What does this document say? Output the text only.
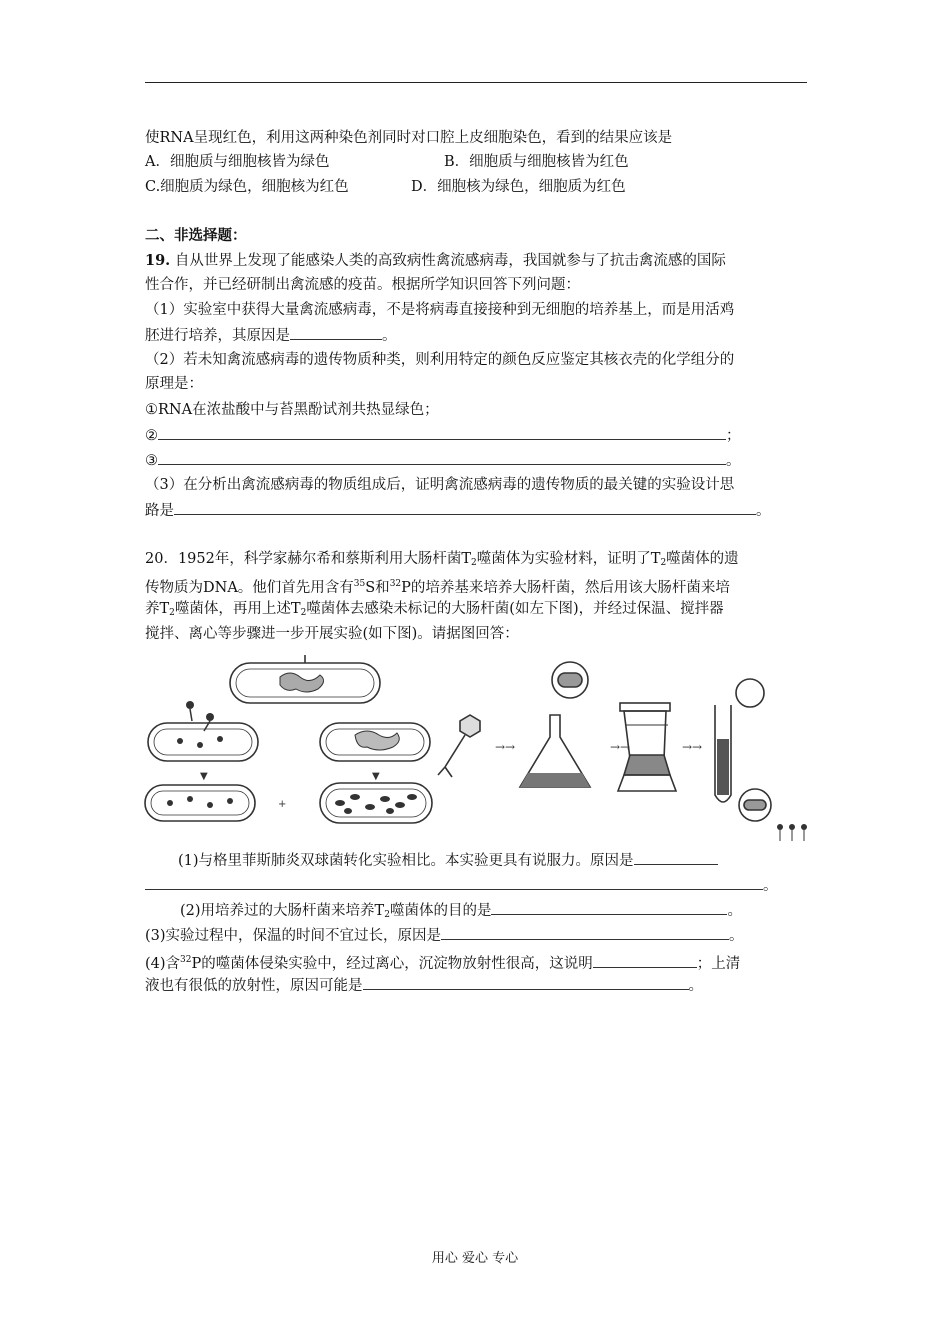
使RNA呈现红色，利用这两种染色剂同时对口腔上皮细胞染色，看到的结果应该是
A．细胞质与细胞核皆为绿色	B．细胞质与细胞核皆为红色
C.细胞质为绿色，细胞核为红色	D．细胞核为绿色，细胞质为红色
二、非选择题：
19. 自从世界上发现了能感染人类的高致病性禽流感病毒，我国就参与了抗击禽流感的国际
性合作，并已经研制出禽流感的疫苗。根据所学知识回答下列问题：
（1）实验室中获得大量禽流感病毒，不是将病毒直接接种到无细胞的培养基上，而是用活鸡
胚进行培养，其原因是	。
（2）若未知禽流感病毒的遗传物质种类，则利用特定的颜色反应鉴定其核衣壳的化学组分的
原理是：
①RNA在浓盐酸中与苔黑酚试剂共热显绿色；
②	；
③	。
（3）在分析出禽流感病毒的物质组成后，证明禽流感病毒的遗传物质的最关键的实验设计思
路是	。
20．1952年，科学家赫尔希和蔡斯利用大肠杆菌$T_2$噬菌体为实验材料，证明了$T_2$噬菌体的遗
传物质为DNA。他们首先用含有$^{35}$S和$^{32}$P的培养基来培养大肠杆菌，然后用该大肠杆菌来培
养$T_2$噬菌体，再用上述$T_2$噬菌体去感染未标记的大肠杆菌(如左下图)，并经过保温、搅拌器
搅拌、离心等步骤进一步开展实验(如下图)。请据图回答：
▼	▼
+
→→	→→	→→
(1)与格里菲斯肺炎双球菌转化实验相比。本实验更具有说服力。原因是
。
(2)用培养过的大肠杆菌来培养$T_2$噬菌体的目的是	。
(3)实验过程中，保温的时间不宜过长，原因是	。
(4)含$^{32}$P的噬菌体侵染实验中，经过离心，沉淀物放射性很高，这说明	；上清
液也有很低的放射性，原因可能是	。
用心 爱心 专心
